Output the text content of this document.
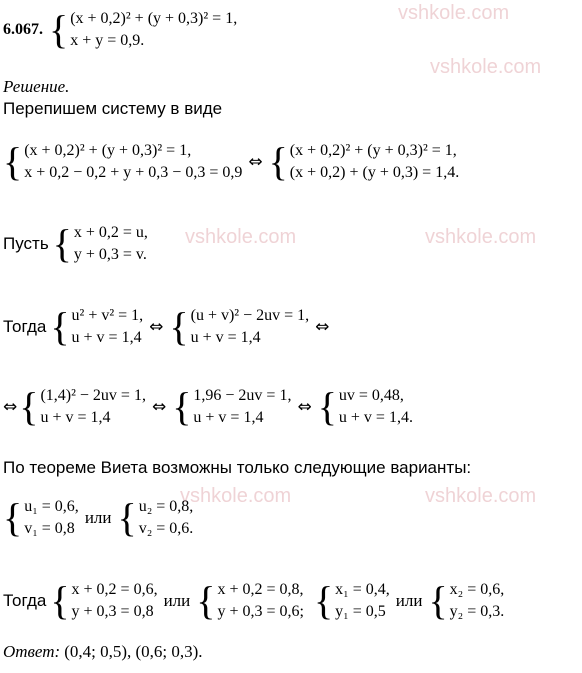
vshkole.com
vshkole.com
vshkole.com	vshkole.com
vshkole.com	vshkole.com
6.067. { (x + 0,2)² + (y + 0,3)² = 1,
x + y = 0,9.
Решение.
Перепишем систему в виде
{ (x + 0,2)² + (y + 0,3)² = 1,
x + 0,2 − 0,2 + y + 0,3 − 0,3 = 0,9
⇔ { (x + 0,2)² + (y + 0,3)² = 1,
(x + 0,2) + (y + 0,3) = 1,4.
Пусть { x + 0,2 = u,
y + 0,3 = v.
Тогда { u² + v² = 1,
u + v = 1,4
⇔ { (u + v)² − 2uv = 1,
u + v = 1,4
⇔
⇔ { (1,4)² − 2uv = 1,
u + v = 1,4
⇔ { 1,96 − 2uv = 1,
u + v = 1,4
⇔ { uv = 0,48,
u + v = 1,4.
По теореме Виета возможны только следующие варианты:
{ u₁ = 0,6,
v₁ = 0,8
или { u₂ = 0,8,
v₂ = 0,6.
Тогда { x + 0,2 = 0,6,
y + 0,3 = 0,8
или { x + 0,2 = 0,8,
y + 0,3 = 0,6; { x₁ = 0,4,
y₁ = 0,5
или { x₂ = 0,6,
y₂ = 0,3.
Ответ: (0,4; 0,5), (0,6; 0,3).
